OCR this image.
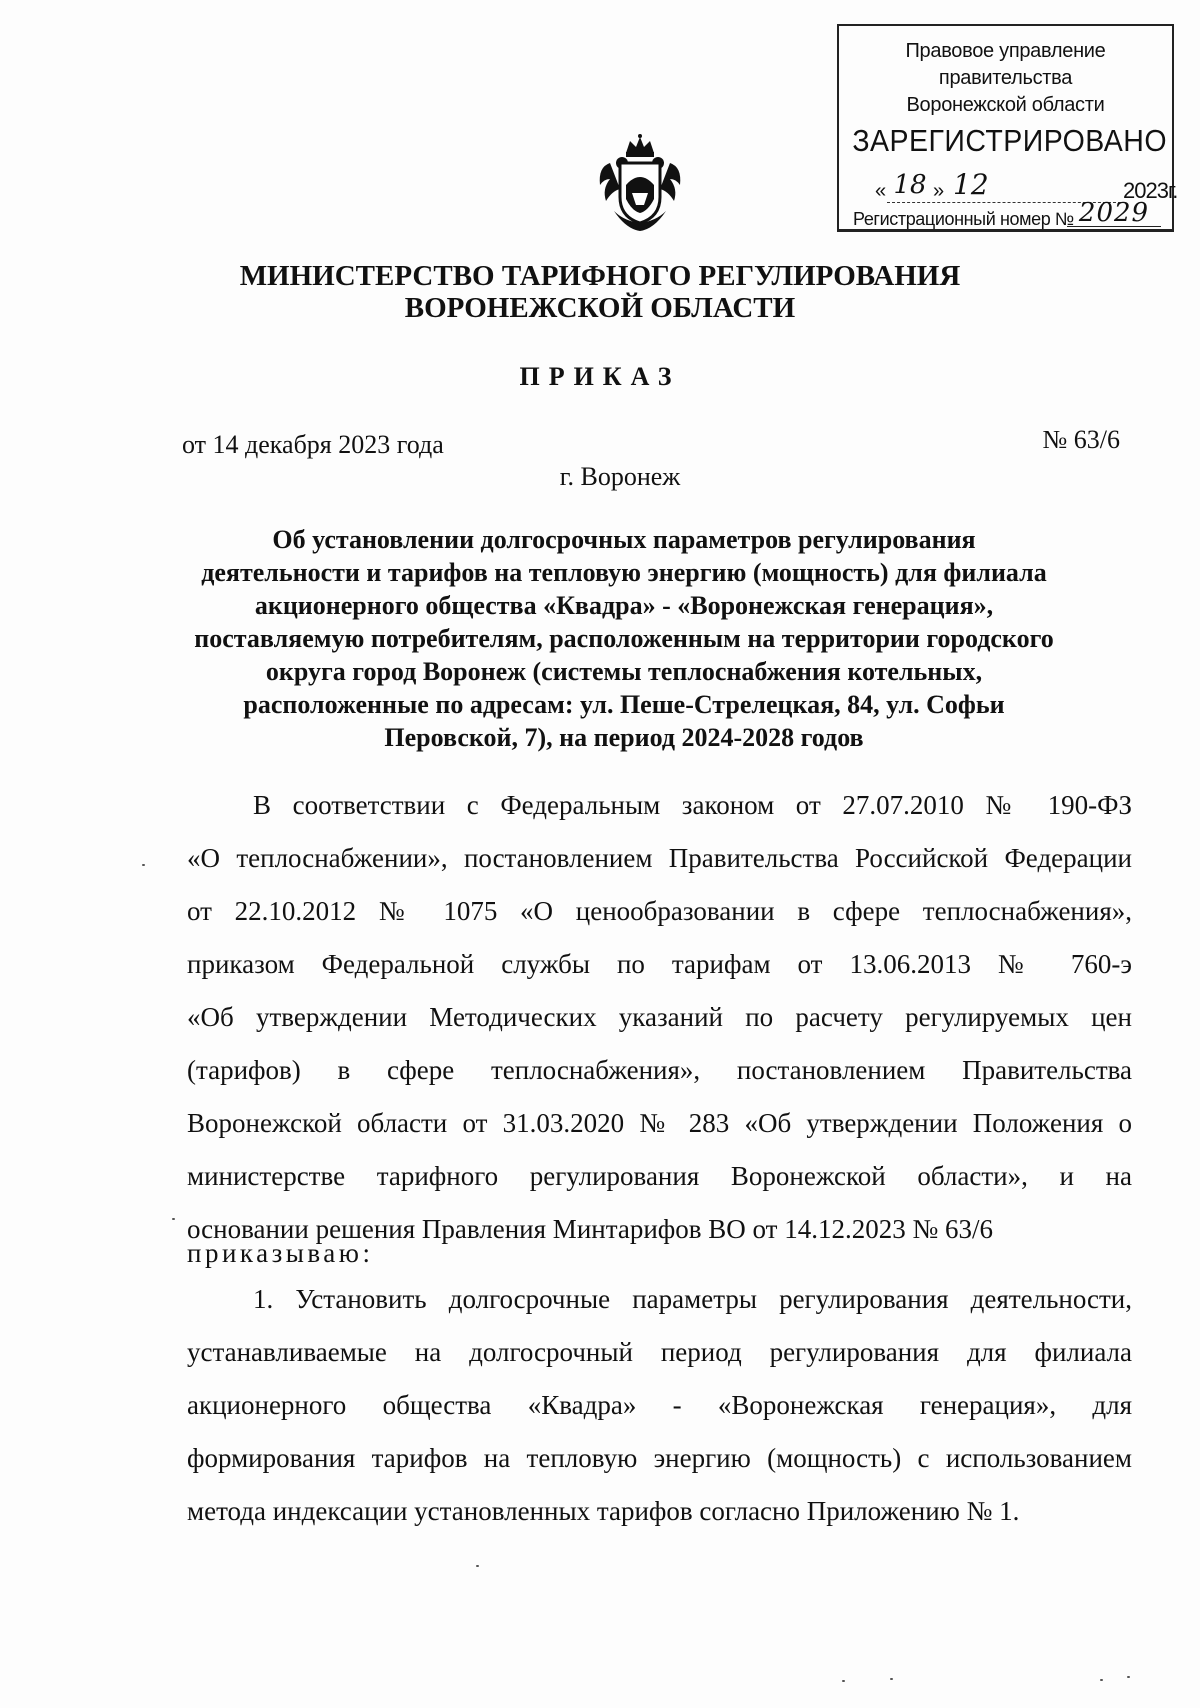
Правовое управление правительства
Воронежской области
ЗАРЕГИСТРИРОВАНО
« 18 » 12	2023г.
Регистрационный номер № 2029
МИНИСТЕРСТВО ТАРИФНОГО РЕГУЛИРОВАНИЯ
ВОРОНЕЖСКОЙ ОБЛАСТИ
ПРИКАЗ
от 14 декабря 2023 года	№ 63/6
г. Воронеж
Об установлении долгосрочных параметров регулирования
деятельности и тарифов на тепловую энергию (мощность) для филиала
акционерного общества «Квадра» - «Воронежская генерация»,
поставляемую потребителям, расположенным на территории городского
округа город Воронеж (системы теплоснабжения котельных,
расположенные по адресам: ул. Пеше-Стрелецкая, 84, ул. Софьи
Перовской, 7), на период 2024-2028 годов
В соответствии с Федеральным законом от 27.07.2010 № 190-ФЗ
«О теплоснабжении», постановлением Правительства Российской Федерации
от 22.10.2012 № 1075 «О ценообразовании в сфере теплоснабжения»,
приказом Федеральной службы по тарифам от 13.06.2013 № 760-э
«Об утверждении Методических указаний по расчету регулируемых цен
(тарифов) в сфере теплоснабжения», постановлением Правительства
Воронежской области от 31.03.2020 № 283 «Об утверждении Положения о
министерстве тарифного регулирования Воронежской области», и на
основании решения Правления Минтарифов ВО от 14.12.2023 № 63/6
приказываю:
1. Установить долгосрочные параметры регулирования деятельности,
устанавливаемые на долгосрочный период регулирования для филиала
акционерного общества «Квадра» - «Воронежская генерация», для
формирования тарифов на тепловую энергию (мощность) с использованием
метода индексации установленных тарифов согласно Приложению № 1.
